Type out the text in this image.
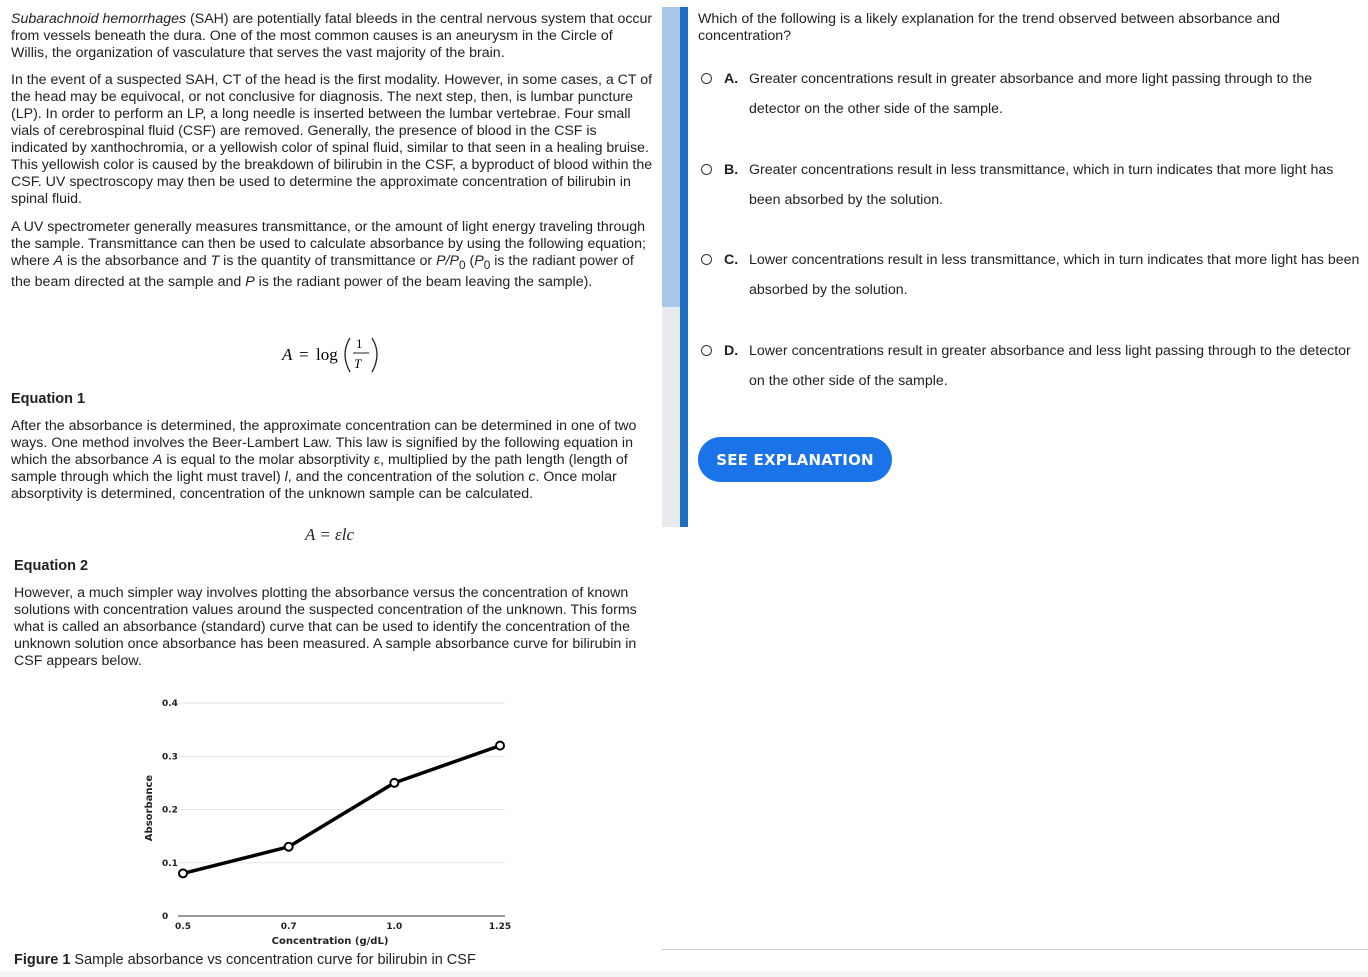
Subarachnoid hemorrhages (SAH) are potentially fatal bleeds in the central nervous system that occur from vessels beneath the dura. One of the most common causes is an aneurysm in the Circle of Willis, the organization of vasculature that serves the vast majority of the brain.

In the event of a suspected SAH, CT of the head is the first modality. However, in some cases, a CT of the head may be equivocal, or not conclusive for diagnosis. The next step, then, is lumbar puncture (LP). In order to perform an LP, a long needle is inserted between the lumbar vertebrae. Four small vials of cerebrospinal fluid (CSF) are removed. Generally, the presence of blood in the CSF is indicated by xanthochromia, or a yellowish color of spinal fluid, similar to that seen in a healing bruise. This yellowish color is caused by the breakdown of bilirubin in the CSF, a byproduct of blood within the CSF. UV spectroscopy may then be used to determine the approximate concentration of bilirubin in spinal fluid.

A UV spectrometer generally measures transmittance, or the amount of light energy traveling through the sample. Transmittance can then be used to calculate absorbance by using the following equation; where A is the absorbance and T is the quantity of transmittance or $P/P_0$ ($P_0$ is the radiant power of the beam directed at the sample and P is the radiant power of the beam leaving the sample).

A = log
1
T
Equation 1

After the absorbance is determined, the approximate concentration can be determined in one of two ways. One method involves the Beer-Lambert Law. This law is signified by the following equation in which the absorbance A is equal to the molar absorptivity ε, multiplied by the path length (length of sample through which the light must travel) l, and the concentration of the solution c. Once molar absorptivity is determined, concentration of the unknown sample can be calculated.

A = εlc
Equation 2

However, a much simpler way involves plotting the absorbance versus the concentration of known solutions with concentration values around the suspected concentration of the unknown. This forms what is called an absorbance (standard) curve that can be used to identify the concentration of the unknown solution once absorbance has been measured. A sample absorbance curve for bilirubin in CSF appears below.

0
0.1
0.2
0.3
0.4
0.5	0.7	1.0	1.25
Absorbance
Concentration (g/dL)
Figure 1 Sample absorbance vs concentration curve for bilirubin in CSF
Which of the following is a likely explanation for the trend observed between absorbance and concentration?
A. Greater concentrations result in greater absorbance and more light passing through to the detector on the other side of the sample.
B. Greater concentrations result in less transmittance, which in turn indicates that more light has been absorbed by the solution.
C. Lower concentrations result in less transmittance, which in turn indicates that more light has been absorbed by the solution.
D. Lower concentrations result in greater absorbance and less light passing through to the detector on the other side of the sample.
SEE EXPLANATION
